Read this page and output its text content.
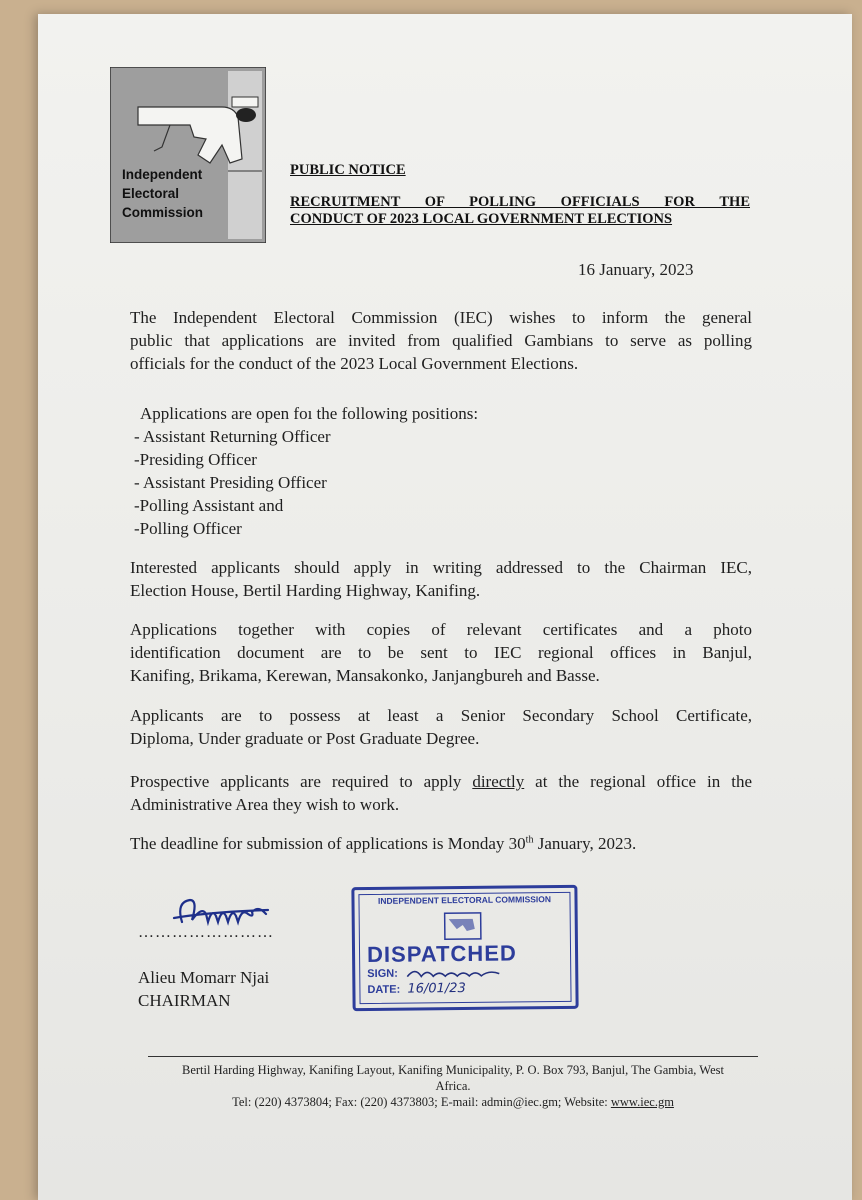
Independent
Electoral
Commission
PUBLIC NOTICE
RECRUITMENT OF POLLING OFFICIALS FOR THE
CONDUCT OF 2023 LOCAL GOVERNMENT ELECTIONS
16 January, 2023
The Independent Electoral Commission (IEC) wishes to inform the general
public that applications are invited from qualified Gambians to serve as polling
officials for the conduct of the 2023 Local Government Elections.
Applications are open foı the following positions:
- Assistant Returning Officer
-Presiding Officer
- Assistant Presiding Officer
-Polling Assistant and
-Polling Officer
Interested applicants should apply in writing addressed to the Chairman IEC,
Election House, Bertil Harding Highway, Kanifing.
Applications together with copies of relevant certificates and a photo
identification document are to be sent to IEC regional offices in Banjul,
Kanifing, Brikama, Kerewan, Mansakonko, Janjangbureh and Basse.
Applicants are to possess at least a Senior Secondary School Certificate,
Diploma, Under graduate or Post Graduate Degree.
Prospective applicants are required to apply directly at the regional office in the
Administrative Area they wish to work.
The deadline for submission of applications is Monday 30th January, 2023.
……………………
Alieu Momarr Njai
CHAIRMAN
INDEPENDENT ELECTORAL COMMISSION
DISPATCHED
SIGN:
DATE: 16/01/23
Bertil Harding Highway, Kanifing Layout, Kanifing Municipality, P. O. Box 793, Banjul, The Gambia, West
Africa.
Tel: (220) 4373804; Fax: (220) 4373803; E-mail: admin@iec.gm; Website: www.iec.gm
